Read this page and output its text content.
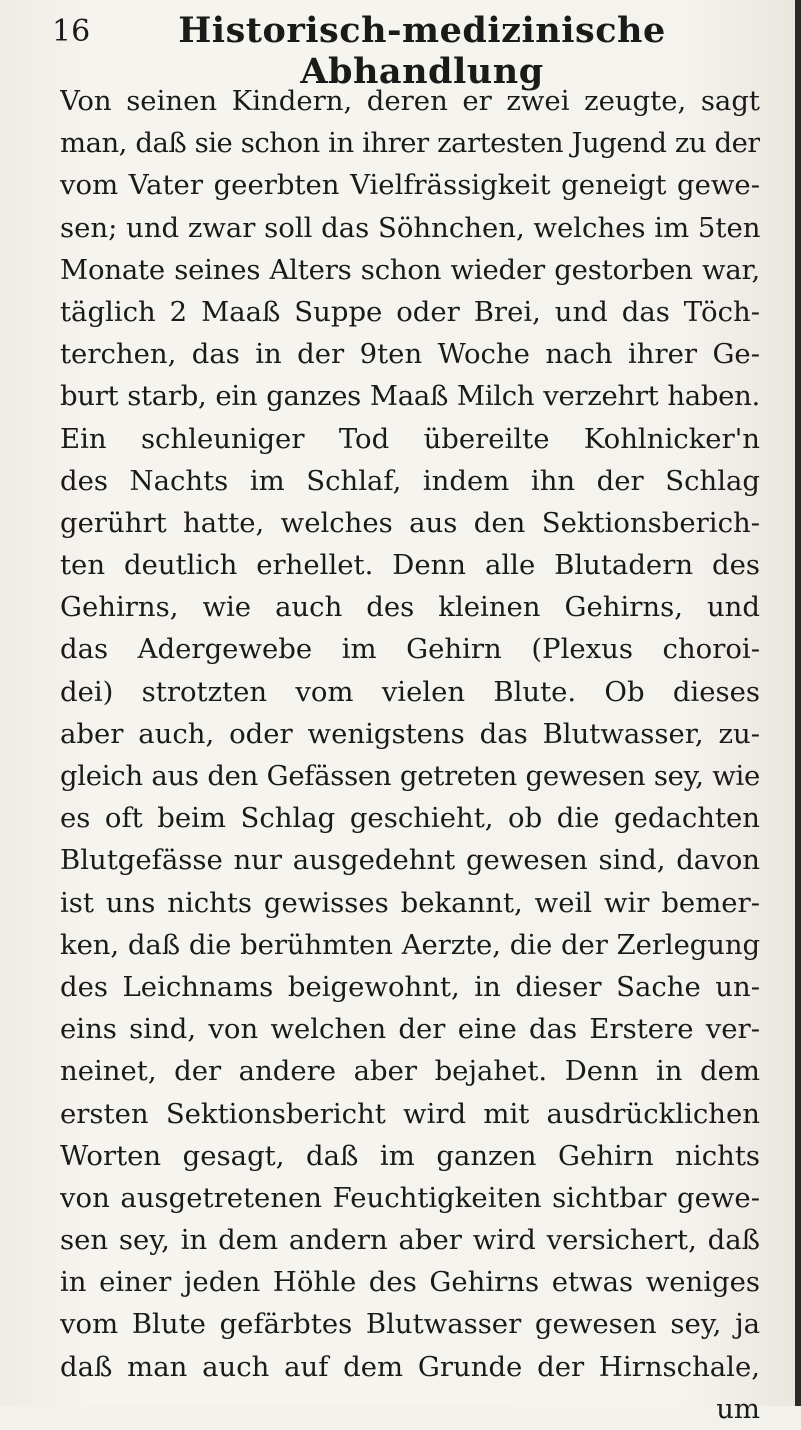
16	Historisch-medizinische Abhandlung
Von seinen Kindern, deren er zwei zeugte, sagt
man, daß sie schon in ihrer zartesten Jugend zu der
vom Vater geerbten Vielfrässigkeit geneigt gewe-
sen; und zwar soll das Söhnchen, welches im 5ten
Monate seines Alters schon wieder gestorben war,
täglich 2 Maaß Suppe oder Brei, und das Töch-
terchen, das in der 9ten Woche nach ihrer Ge-
burt starb, ein ganzes Maaß Milch verzehrt haben.
Ein schleuniger Tod übereilte Kohlnicker'n
des Nachts im Schlaf, indem ihn der Schlag
gerührt hatte, welches aus den Sektionsberich-
ten deutlich erhellet. Denn alle Blutadern des
Gehirns, wie auch des kleinen Gehirns, und
das Adergewebe im Gehirn (Plexus choroi-
dei) strotzten vom vielen Blute. Ob dieses
aber auch, oder wenigstens das Blutwasser, zu-
gleich aus den Gefässen getreten gewesen sey, wie
es oft beim Schlag geschieht, ob die gedachten
Blutgefässe nur ausgedehnt gewesen sind, davon
ist uns nichts gewisses bekannt, weil wir bemer-
ken, daß die berühmten Aerzte, die der Zerlegung
des Leichnams beigewohnt, in dieser Sache un-
eins sind, von welchen der eine das Erstere ver-
neinet, der andere aber bejahet. Denn in dem
ersten Sektionsbericht wird mit ausdrücklichen
Worten gesagt, daß im ganzen Gehirn nichts
von ausgetretenen Feuchtigkeiten sichtbar gewe-
sen sey, in dem andern aber wird versichert, daß
in einer jeden Höhle des Gehirns etwas weniges
vom Blute gefärbtes Blutwasser gewesen sey, ja
daß man auch auf dem Grunde der Hirnschale,
um
